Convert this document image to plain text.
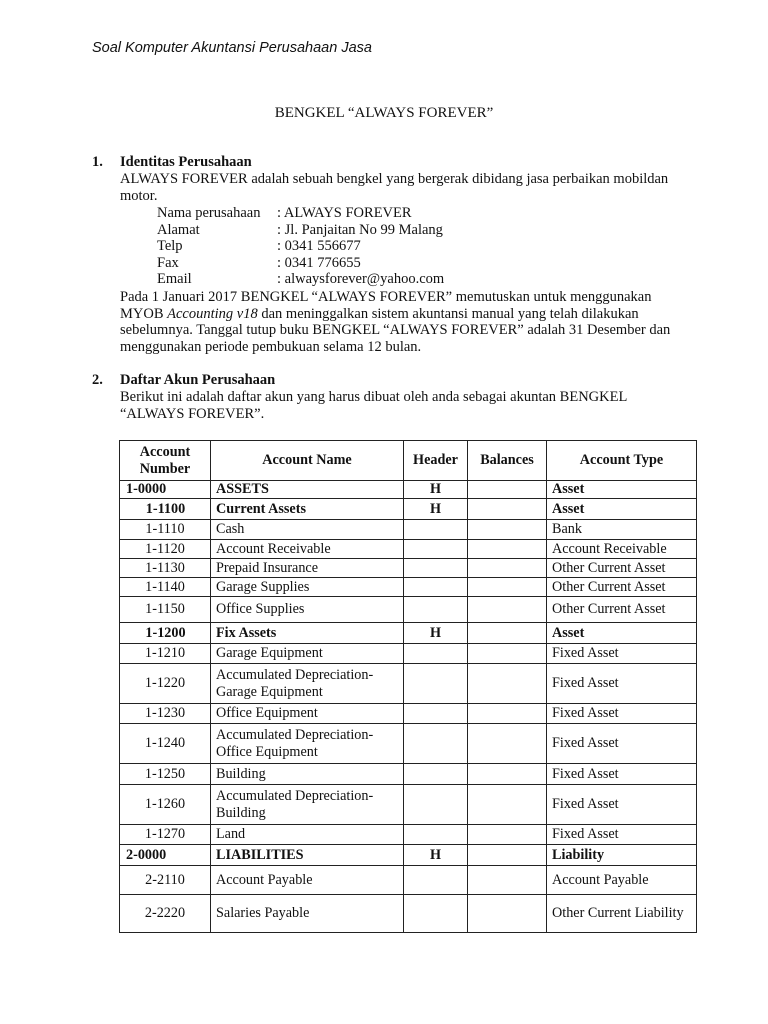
Soal Komputer Akuntansi Perusahaan Jasa
BENGKEL “ALWAYS FOREVER”
1. Identitas Perusahaan
ALWAYS FOREVER adalah sebuah bengkel yang bergerak dibidang jasa perbaikan mobildan motor.
Nama perusahaan	: ALWAYS FOREVER
Alamat	: Jl. Panjaitan No 99 Malang
Telp	: 0341 556677
Fax	: 0341 776655
Email	: alwaysforever@yahoo.com
Pada 1 Januari 2017 BENGKEL “ALWAYS FOREVER” memutuskan untuk menggunakan MYOB Accounting v18 dan meninggalkan sistem akuntansi manual yang telah dilakukan sebelumnya. Tanggal tutup buku BENGKEL “ALWAYS FOREVER” adalah 31 Desember dan menggunakan periode pembukuan selama 12 bulan.
2. Daftar Akun Perusahaan
Berikut ini adalah daftar akun yang harus dibuat oleh anda sebagai akuntan BENGKEL “ALWAYS FOREVER”.
Account Number	Account Name	Header	Balances	Account Type
1-0000	ASSETS	H		Asset
1-1100	Current Assets	H		Asset
1-1110	Cash			Bank
1-1120	Account Receivable			Account Receivable
1-1130	Prepaid Insurance			Other Current Asset
1-1140	Garage Supplies			Other Current Asset
1-1150	Office Supplies			Other Current Asset
1-1200	Fix Assets	H		Asset
1-1210	Garage Equipment			Fixed Asset
1-1220	Accumulated Depreciation-Garage Equipment			Fixed Asset
1-1230	Office Equipment			Fixed Asset
1-1240	Accumulated Depreciation-Office Equipment			Fixed Asset
1-1250	Building			Fixed Asset
1-1260	Accumulated Depreciation-Building			Fixed Asset
1-1270	Land			Fixed Asset
2-0000	LIABILITIES	H		Liability
2-2110	Account Payable			Account Payable
2-2220	Salaries Payable			Other Current Liability
